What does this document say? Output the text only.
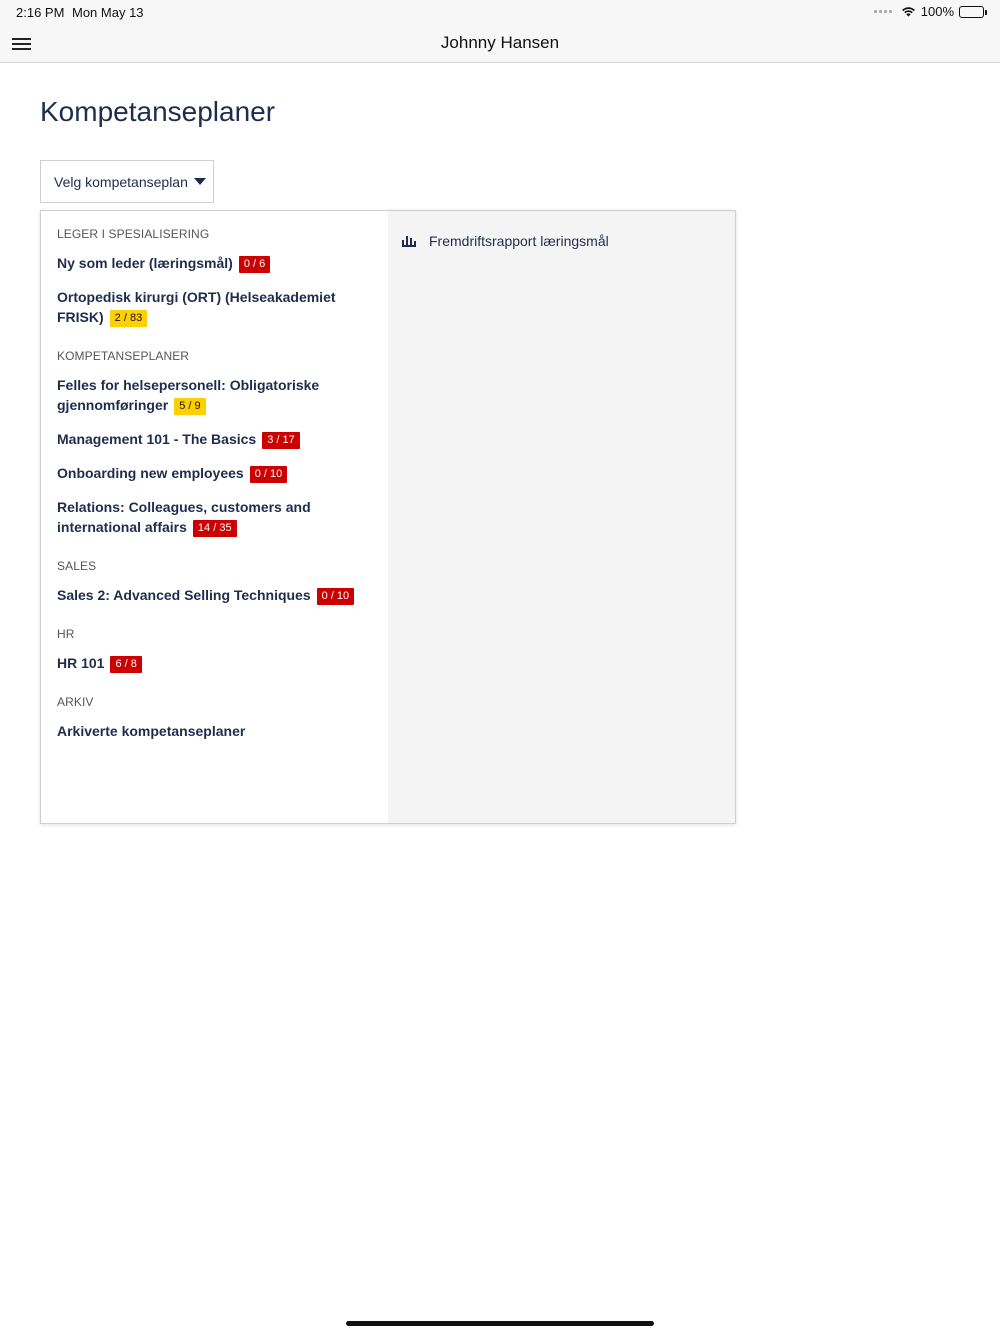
2:16 PM Mon May 13	100%
Johnny Hansen
Kompetanseplaner
Velg kompetanseplan
LEGER I SPESIALISERING
Ny som leder (læringsmål) 0 / 6
Ortopedisk kirurgi (ORT) (Helseakademiet FRISK) 2 / 83
KOMPETANSEPLANER
Felles for helsepersonell: Obligatoriske gjennomføringer 5 / 9
Management 101 - The Basics 3 / 17
Onboarding new employees 0 / 10
Relations: Colleagues, customers and international affairs 14 / 35
SALES
Sales 2: Advanced Selling Techniques 0 / 10
HR
HR 101 6 / 8
ARKIV
Arkiverte kompetanseplaner
Fremdriftsrapport læringsmål
